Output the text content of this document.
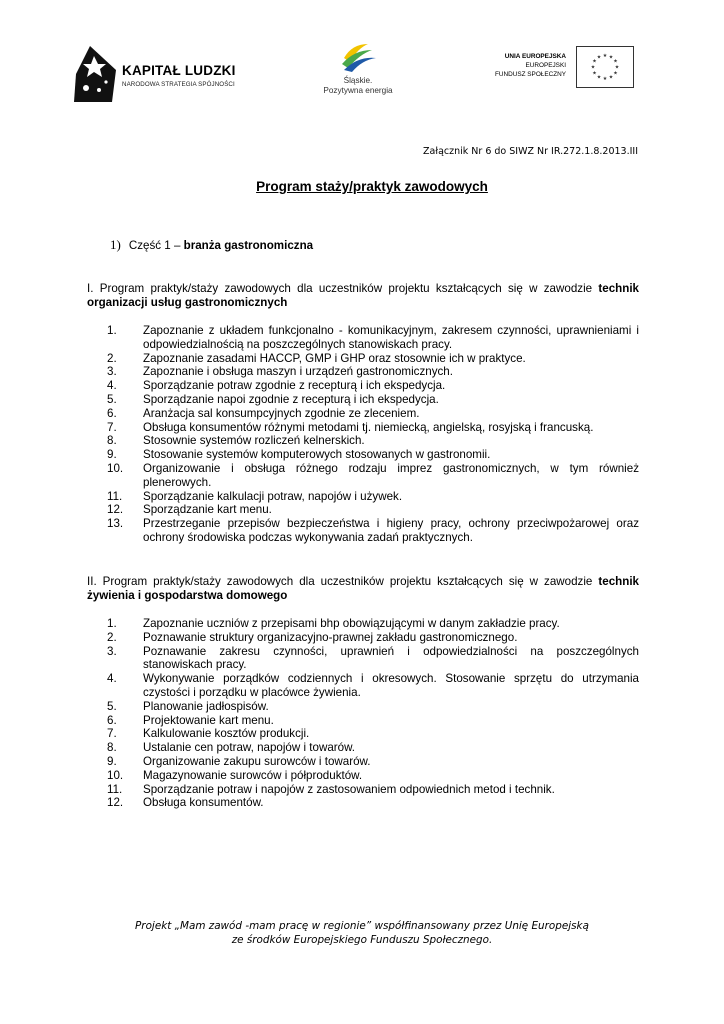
KAPITAŁ LUDZKI
NARODOWA STRATEGIA SPÓJNOŚCI	Śląskie.
Pozytywna energia
UNIA EUROPEJSKA
EUROPEJSKI
FUNDUSZ SPOŁECZNY
★ ★
★
★
★
★
★
★
★
★
★
★
Załącznik Nr 6 do SIWZ Nr IR.272.1.8.2013.III
Program staży/praktyk zawodowych
1) Część 1 – branża gastronomiczna
I. Program praktyk/staży zawodowych dla uczestników projektu kształcących się w zawodzie technik organizacji usług gastronomicznych
1. Zapoznanie z układem funkcjonalno - komunikacyjnym, zakresem czynności, uprawnieniami i odpowiedzialnością na poszczególnych stanowiskach pracy.
2. Zapoznanie zasadami HACCP, GMP i GHP oraz stosownie ich w praktyce.
3. Zapoznanie i obsługa maszyn i urządzeń gastronomicznych.
4. Sporządzanie potraw zgodnie z recepturą i ich ekspedycja.
5. Sporządzanie napoi zgodnie z recepturą i ich ekspedycja.
6. Aranżacja sal konsumpcyjnych zgodnie ze zleceniem.
7. Obsługa konsumentów różnymi metodami tj. niemiecką, angielską, rosyjską i francuską.
8. Stosownie systemów rozliczeń kelnerskich.
9. Stosowanie systemów komputerowych stosowanych w gastronomii.
10. Organizowanie i obsługa różnego rodzaju imprez gastronomicznych, w tym również plenerowych.
11. Sporządzanie kalkulacji potraw, napojów i używek.
12. Sporządzanie kart menu.
13. Przestrzeganie przepisów bezpieczeństwa i higieny pracy, ochrony przeciwpożarowej oraz ochrony środowiska podczas wykonywania zadań praktycznych.
II. Program praktyk/staży zawodowych dla uczestników projektu kształcących się w zawodzie technik żywienia i gospodarstwa domowego
1. Zapoznanie uczniów z przepisami bhp obowiązującymi w danym zakładzie pracy.
2. Poznawanie struktury organizacyjno-prawnej zakładu gastronomicznego.
3. Poznawanie zakresu czynności, uprawnień i odpowiedzialności na poszczególnych stanowiskach pracy.
4. Wykonywanie porządków codziennych i okresowych. Stosowanie sprzętu do utrzymania czystości i porządku w placówce żywienia.
5. Planowanie jadłospisów.
6. Projektowanie kart menu.
7. Kalkulowanie kosztów produkcji.
8. Ustalanie cen potraw, napojów i towarów.
9. Organizowanie zakupu surowców i towarów.
10. Magazynowanie surowców i półproduktów.
11. Sporządzanie potraw i napojów z zastosowaniem odpowiednich metod i technik.
12. Obsługa konsumentów.
Projekt „Mam zawód -mam pracę w regionie” współfinansowany przez Unię Europejską
ze środków Europejskiego Funduszu Społecznego.
